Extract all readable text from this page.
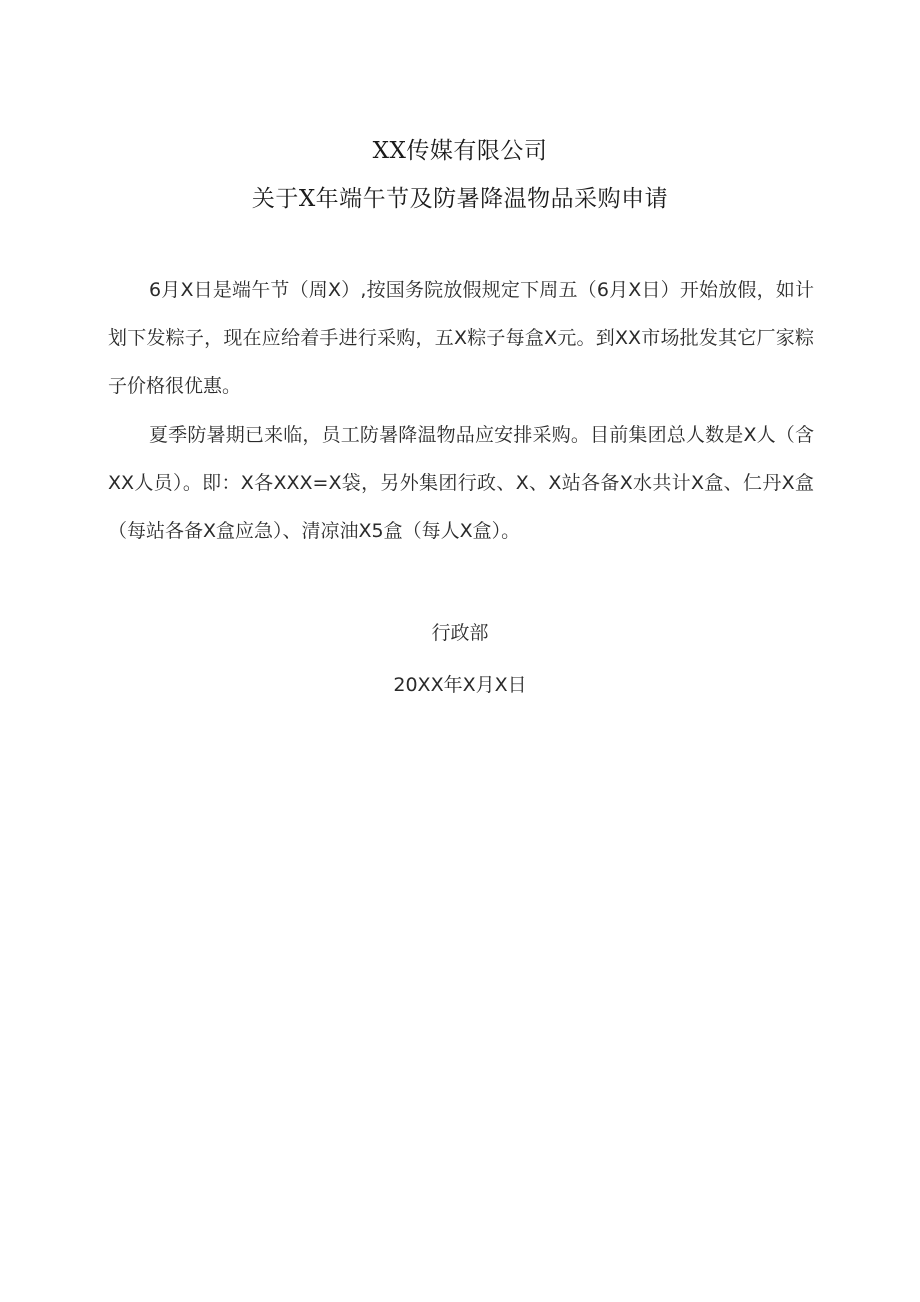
XX传媒有限公司
关于X年端午节及防暑降温物品采购申请

6月X日是端午节（周X）,按国务院放假规定下周五（6月X日）开始放假，如计划下发粽子，现在应给着手进行采购，五X粽子每盒X元。到XX市场批发其它厂家粽子价格很优惠。

夏季防暑期已来临，员工防暑降温物品应安排采购。目前集团总人数是X人（含XX人员）。即：X各XXX=X袋，另外集团行政、X、X站各备X水共计X盒、仁丹X盒（每站各备X盒应急）、清凉油X5盒（每人X盒）。

行政部
20XX年X月X日
